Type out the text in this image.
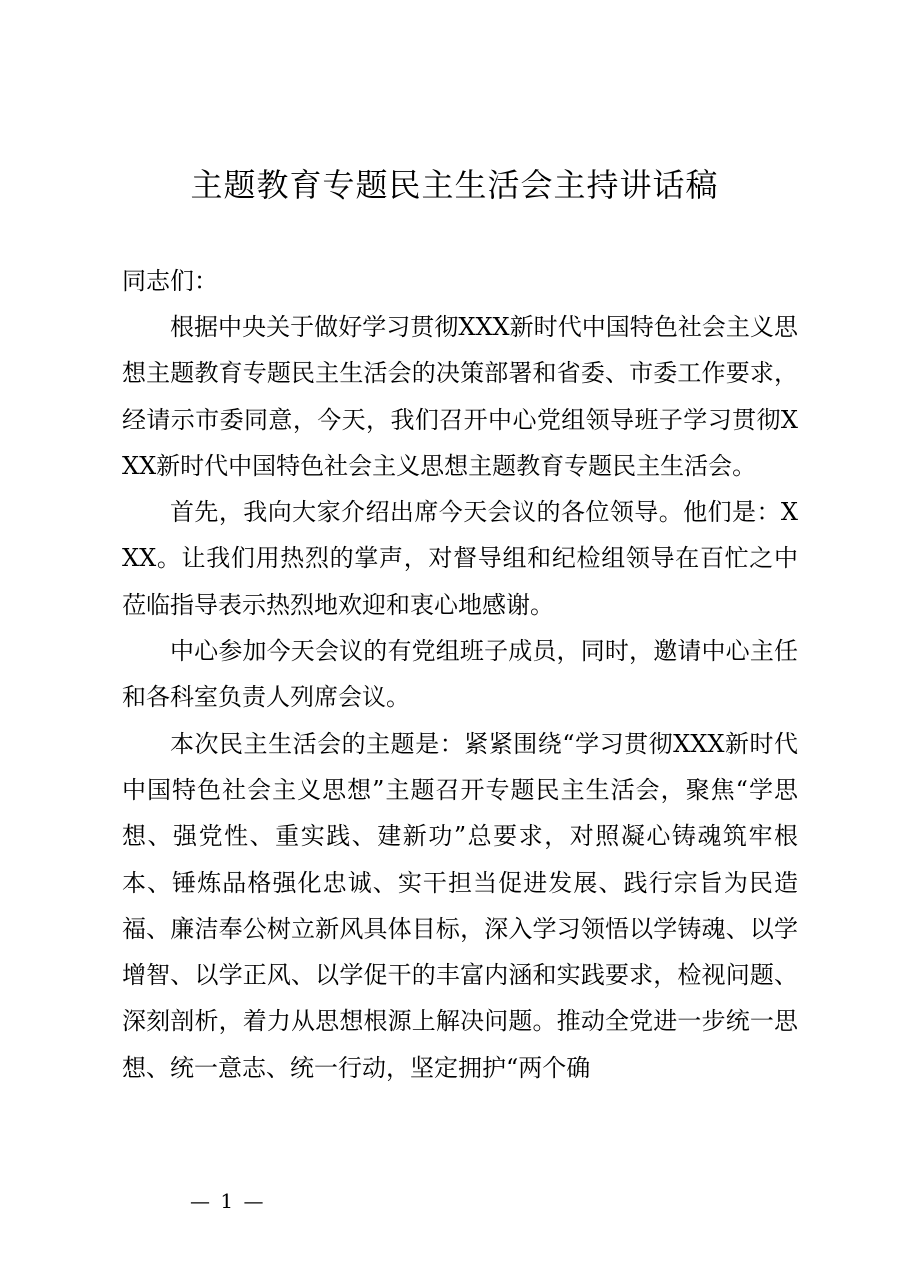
主题教育专题民主生活会主持讲话稿

同志们：

根据中央关于做好学习贯彻XXX新时代中国特色社会主义思想主题教育专题民主生活会的决策部署和省委、市委工作要求，经请示市委同意，今天，我们召开中心党组领导班子学习贯彻XXX新时代中国特色社会主义思想主题教育专题民主生活会。

首先，我向大家介绍出席今天会议的各位领导。他们是：XXX。让我们用热烈的掌声，对督导组和纪检组领导在百忙之中莅临指导表示热烈地欢迎和衷心地感谢。

中心参加今天会议的有党组班子成员，同时，邀请中心主任和各科室负责人列席会议。

本次民主生活会的主题是：紧紧围绕“学习贯彻XXX新时代中国特色社会主义思想”主题召开专题民主生活会，聚焦“学思想、强党性、重实践、建新功”总要求，对照凝心铸魂筑牢根本、锤炼品格强化忠诚、实干担当促进发展、践行宗旨为民造福、廉洁奉公树立新风具体目标，深入学习领悟以学铸魂、以学增智、以学正风、以学促干的丰富内涵和实践要求，检视问题、深刻剖析，着力从思想根源上解决问题。推动全党进一步统一思想、统一意志、统一行动，坚定拥护“两个确

— 1 —
